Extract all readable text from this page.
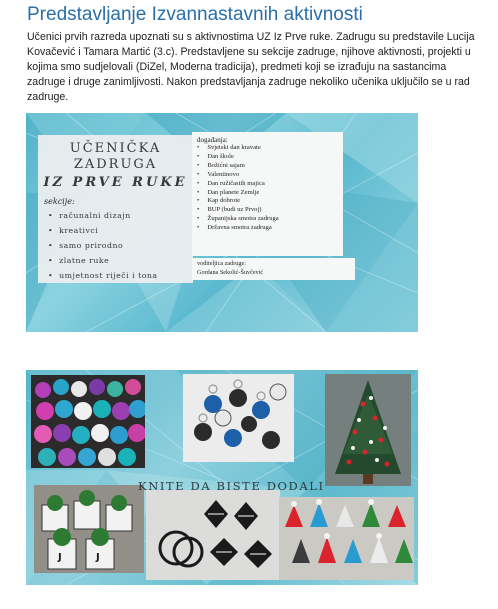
Predstavljanje Izvannastavnih aktivnosti
Učenici prvih razreda upoznati su s aktivnostima UZ Iz Prve ruke. Zadrugu su predstavile Lucija Kovačević i Tamara Martić (3.c). Predstavljene su sekcije zadruge, njihove aktivnosti, projekti u kojima smo sudjelovali (DiZel, Moderna tradicija), predmeti koji se izrađuju na sastancima zadruge i druge zanimljivosti. Nakon predstavljanja zadruge nekoliko učenika uključilo se u rad zadruge.
UČENIČKA
ZADRUGA
IZ PRVE RUKE
sekcije:
• računalni dizajn
• kreativci
• samo prirodno
• zlatne ruke
• umjetnost riječi i tona
događanja:
• Svjetski dan kravate
• Dan škole
• Božićni sajam
• Valentinovo
• Dan ružičastih majica
• Dan planete Zemlje
• Kap dobrote
• BUP (budi uz Prvoj)
• Županijska smotra zadruga
• Državna smotra zadruga
voditeljica zadruge:
Gordana Sekolić-Šuvčević
J	J
KNITE DA BISTE DODALI
